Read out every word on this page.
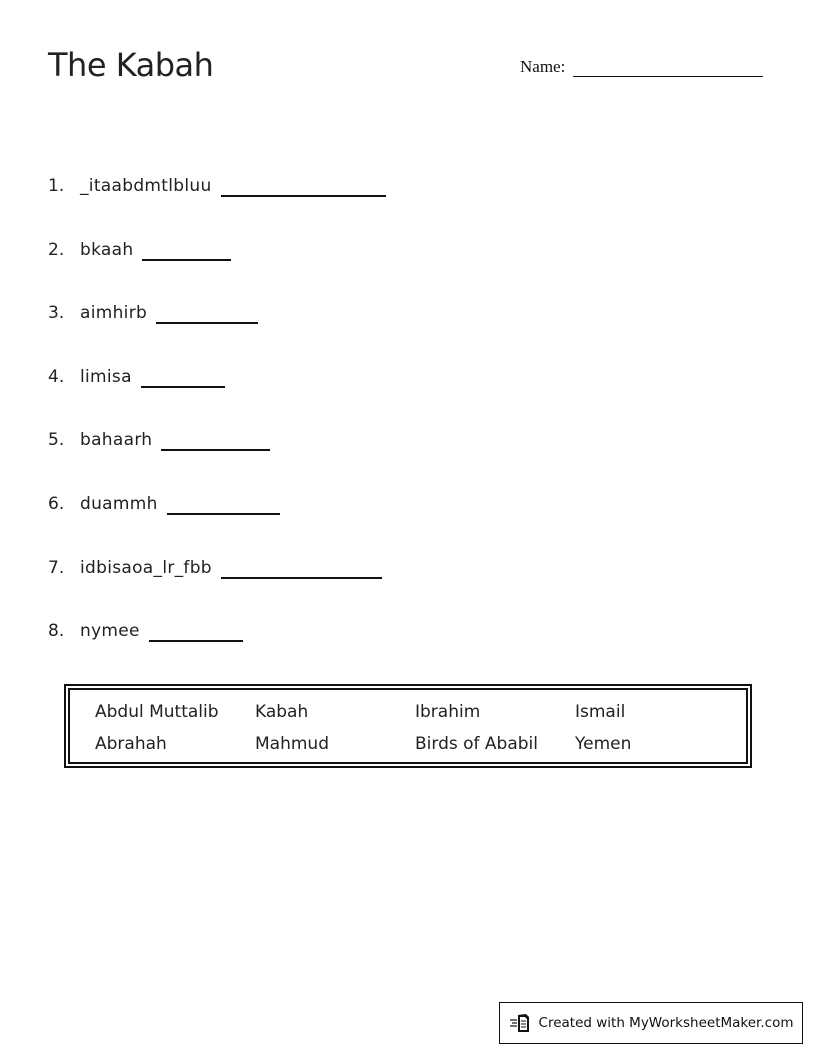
The Kabah	Name:
1. _itaabdmtlbluu
2. bkaah
3. aimhirb
4. limisa
5. bahaarh
6. duammh
7. idbisaoa_lr_fbb
8. nymee
Abdul Muttalib	Kabah	Ibrahim	Ismail
Abrahah	Mahmud	Birds of Ababil	Yemen
Created with MyWorksheetMaker.com
